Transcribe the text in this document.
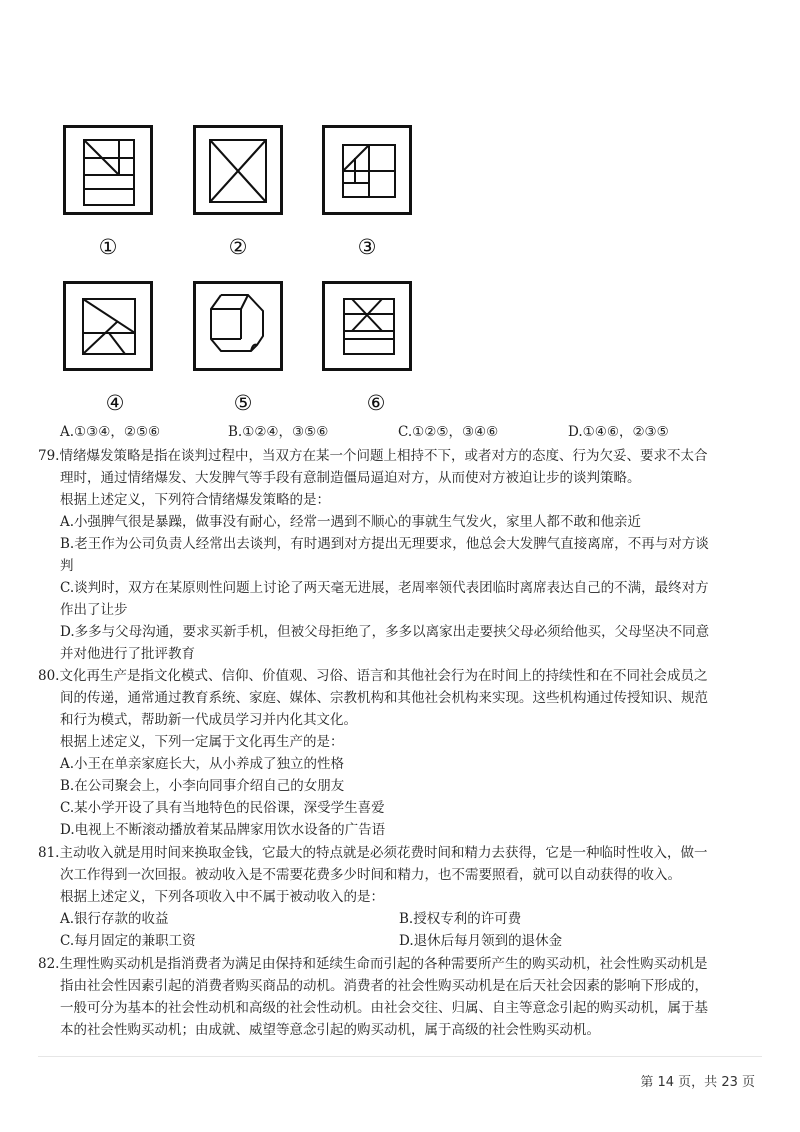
①	②	③
④	⑤	⑥
A.①③④，②⑤⑥	B.①②④，③⑤⑥	C.①②⑤，③④⑥	D.①④⑥，②③⑤

79.情绪爆发策略是指在谈判过程中，当双方在某一个问题上相持不下，或者对方的态度、行为欠妥、要求不太合

理时，通过情绪爆发、大发脾气等手段有意制造僵局逼迫对方，从而使对方被迫让步的谈判策略。

根据上述定义，下列符合情绪爆发策略的是：

A.小强脾气很是暴躁，做事没有耐心，经常一遇到不顺心的事就生气发火，家里人都不敢和他亲近

B.老王作为公司负责人经常出去谈判，有时遇到对方提出无理要求，他总会大发脾气直接离席，不再与对方谈

判

C.谈判时，双方在某原则性问题上讨论了两天毫无进展，老周率领代表团临时离席表达自己的不满，最终对方

作出了让步

D.多多与父母沟通，要求买新手机，但被父母拒绝了，多多以离家出走要挟父母必须给他买，父母坚决不同意

并对他进行了批评教育

80.文化再生产是指文化模式、信仰、价值观、习俗、语言和其他社会行为在时间上的持续性和在不同社会成员之

间的传递，通常通过教育系统、家庭、媒体、宗教机构和其他社会机构来实现。这些机构通过传授知识、规范

和行为模式，帮助新一代成员学习并内化其文化。

根据上述定义，下列一定属于文化再生产的是：

A.小王在单亲家庭长大，从小养成了独立的性格

B.在公司聚会上，小李向同事介绍自己的女朋友

C.某小学开设了具有当地特色的民俗课，深受学生喜爱

D.电视上不断滚动播放着某品牌家用饮水设备的广告语

81.主动收入就是用时间来换取金钱，它最大的特点就是必须花费时间和精力去获得，它是一种临时性收入，做一

次工作得到一次回报。被动收入是不需要花费多少时间和精力，也不需要照看，就可以自动获得的收入。

根据上述定义，下列各项收入中不属于被动收入的是：

A.银行存款的收益	B.授权专利的许可费
C.每月固定的兼职工资	D.退休后每月领到的退休金

82.生理性购买动机是指消费者为满足由保持和延续生命而引起的各种需要所产生的购买动机，社会性购买动机是

指由社会性因素引起的消费者购买商品的动机。消费者的社会性购买动机是在后天社会因素的影响下形成的，

一般可分为基本的社会性动机和高级的社会性动机。由社会交往、归属、自主等意念引起的购买动机，属于基

本的社会性购买动机；由成就、威望等意念引起的购买动机，属于高级的社会性购买动机。

第 14 页，共 23 页
